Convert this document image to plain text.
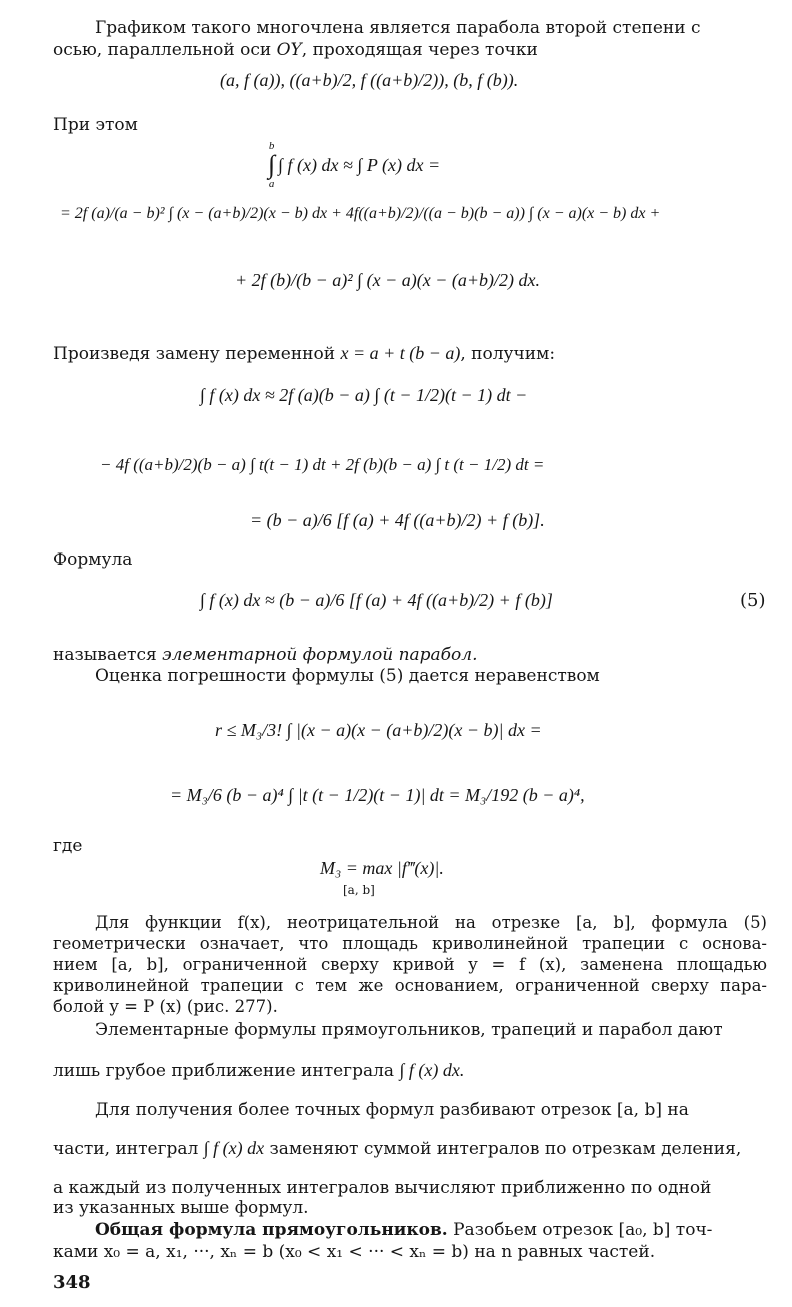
Графиком такого многочлена является парабола второй степени с
осью, параллельной оси OY, проходящая через точки
(a, f (a)), ((a+b)/2, f ((a+b)/2)), (b, f (b)).
При этом
b
∫
a
∫ f (x) dx ≈ ∫ P (x) dx =
= 2f (a)/(a − b)² ∫ (x − (a+b)/2)(x − b) dx + 4f((a+b)/2)/((a − b)(b − a)) ∫ (x − a)(x − b) dx +
+ 2f (b)/(b − a)² ∫ (x − a)(x − (a+b)/2) dx.
Произведя замену переменной x = a + t (b − a), получим:
∫ f (x) dx ≈ 2f (a)(b − a) ∫ (t − 1/2)(t − 1) dt −
− 4f ((a+b)/2)(b − a) ∫ t(t − 1) dt + 2f (b)(b − a) ∫ t (t − 1/2) dt =
= (b − a)/6 [f (a) + 4f ((a+b)/2) + f (b)].
Формула
∫ f (x) dx ≈ (b − a)/6 [f (a) + 4f ((a+b)/2) + f (b)]	(5)
называется элементарной формулой парабол.
Оценка погрешности формулы (5) дается неравенством
r ≤ M₃/3! ∫ |(x − a)(x − (a+b)/2)(x − b)| dx =
= M₃/6 (b − a)⁴ ∫ |t (t − 1/2)(t − 1)| dt = M₃/192 (b − a)⁴,
где
M₃ = max |f‴(x)|.
[a, b]
Для функции f(x), неотрицательной на отрезке [a, b], формула (5)
геометрически означает, что площадь криволинейной трапеции с основа-
нием [a, b], ограниченной сверху кривой y = f (x), заменена площадью
криволинейной трапеции с тем же основанием, ограниченной сверху пара-
болой y = P (x) (рис. 277).
Элементарные формулы прямоугольников, трапеций и парабол дают
лишь грубое приближение интеграла ∫ f (x) dx.
Для получения более точных формул разбивают отрезок [a, b] на
части, интеграл ∫ f (x) dx заменяют суммой интегралов по отрезкам деления,
а каждый из полученных интегралов вычисляют приближенно по одной
из указанных выше формул.
Общая формула прямоугольников. Разобьем отрезок [a₀, b] точ-
ками x₀ = a, x₁, ···, xₙ = b (x₀ < x₁ < ··· < xₙ = b) на n равных частей.
348
